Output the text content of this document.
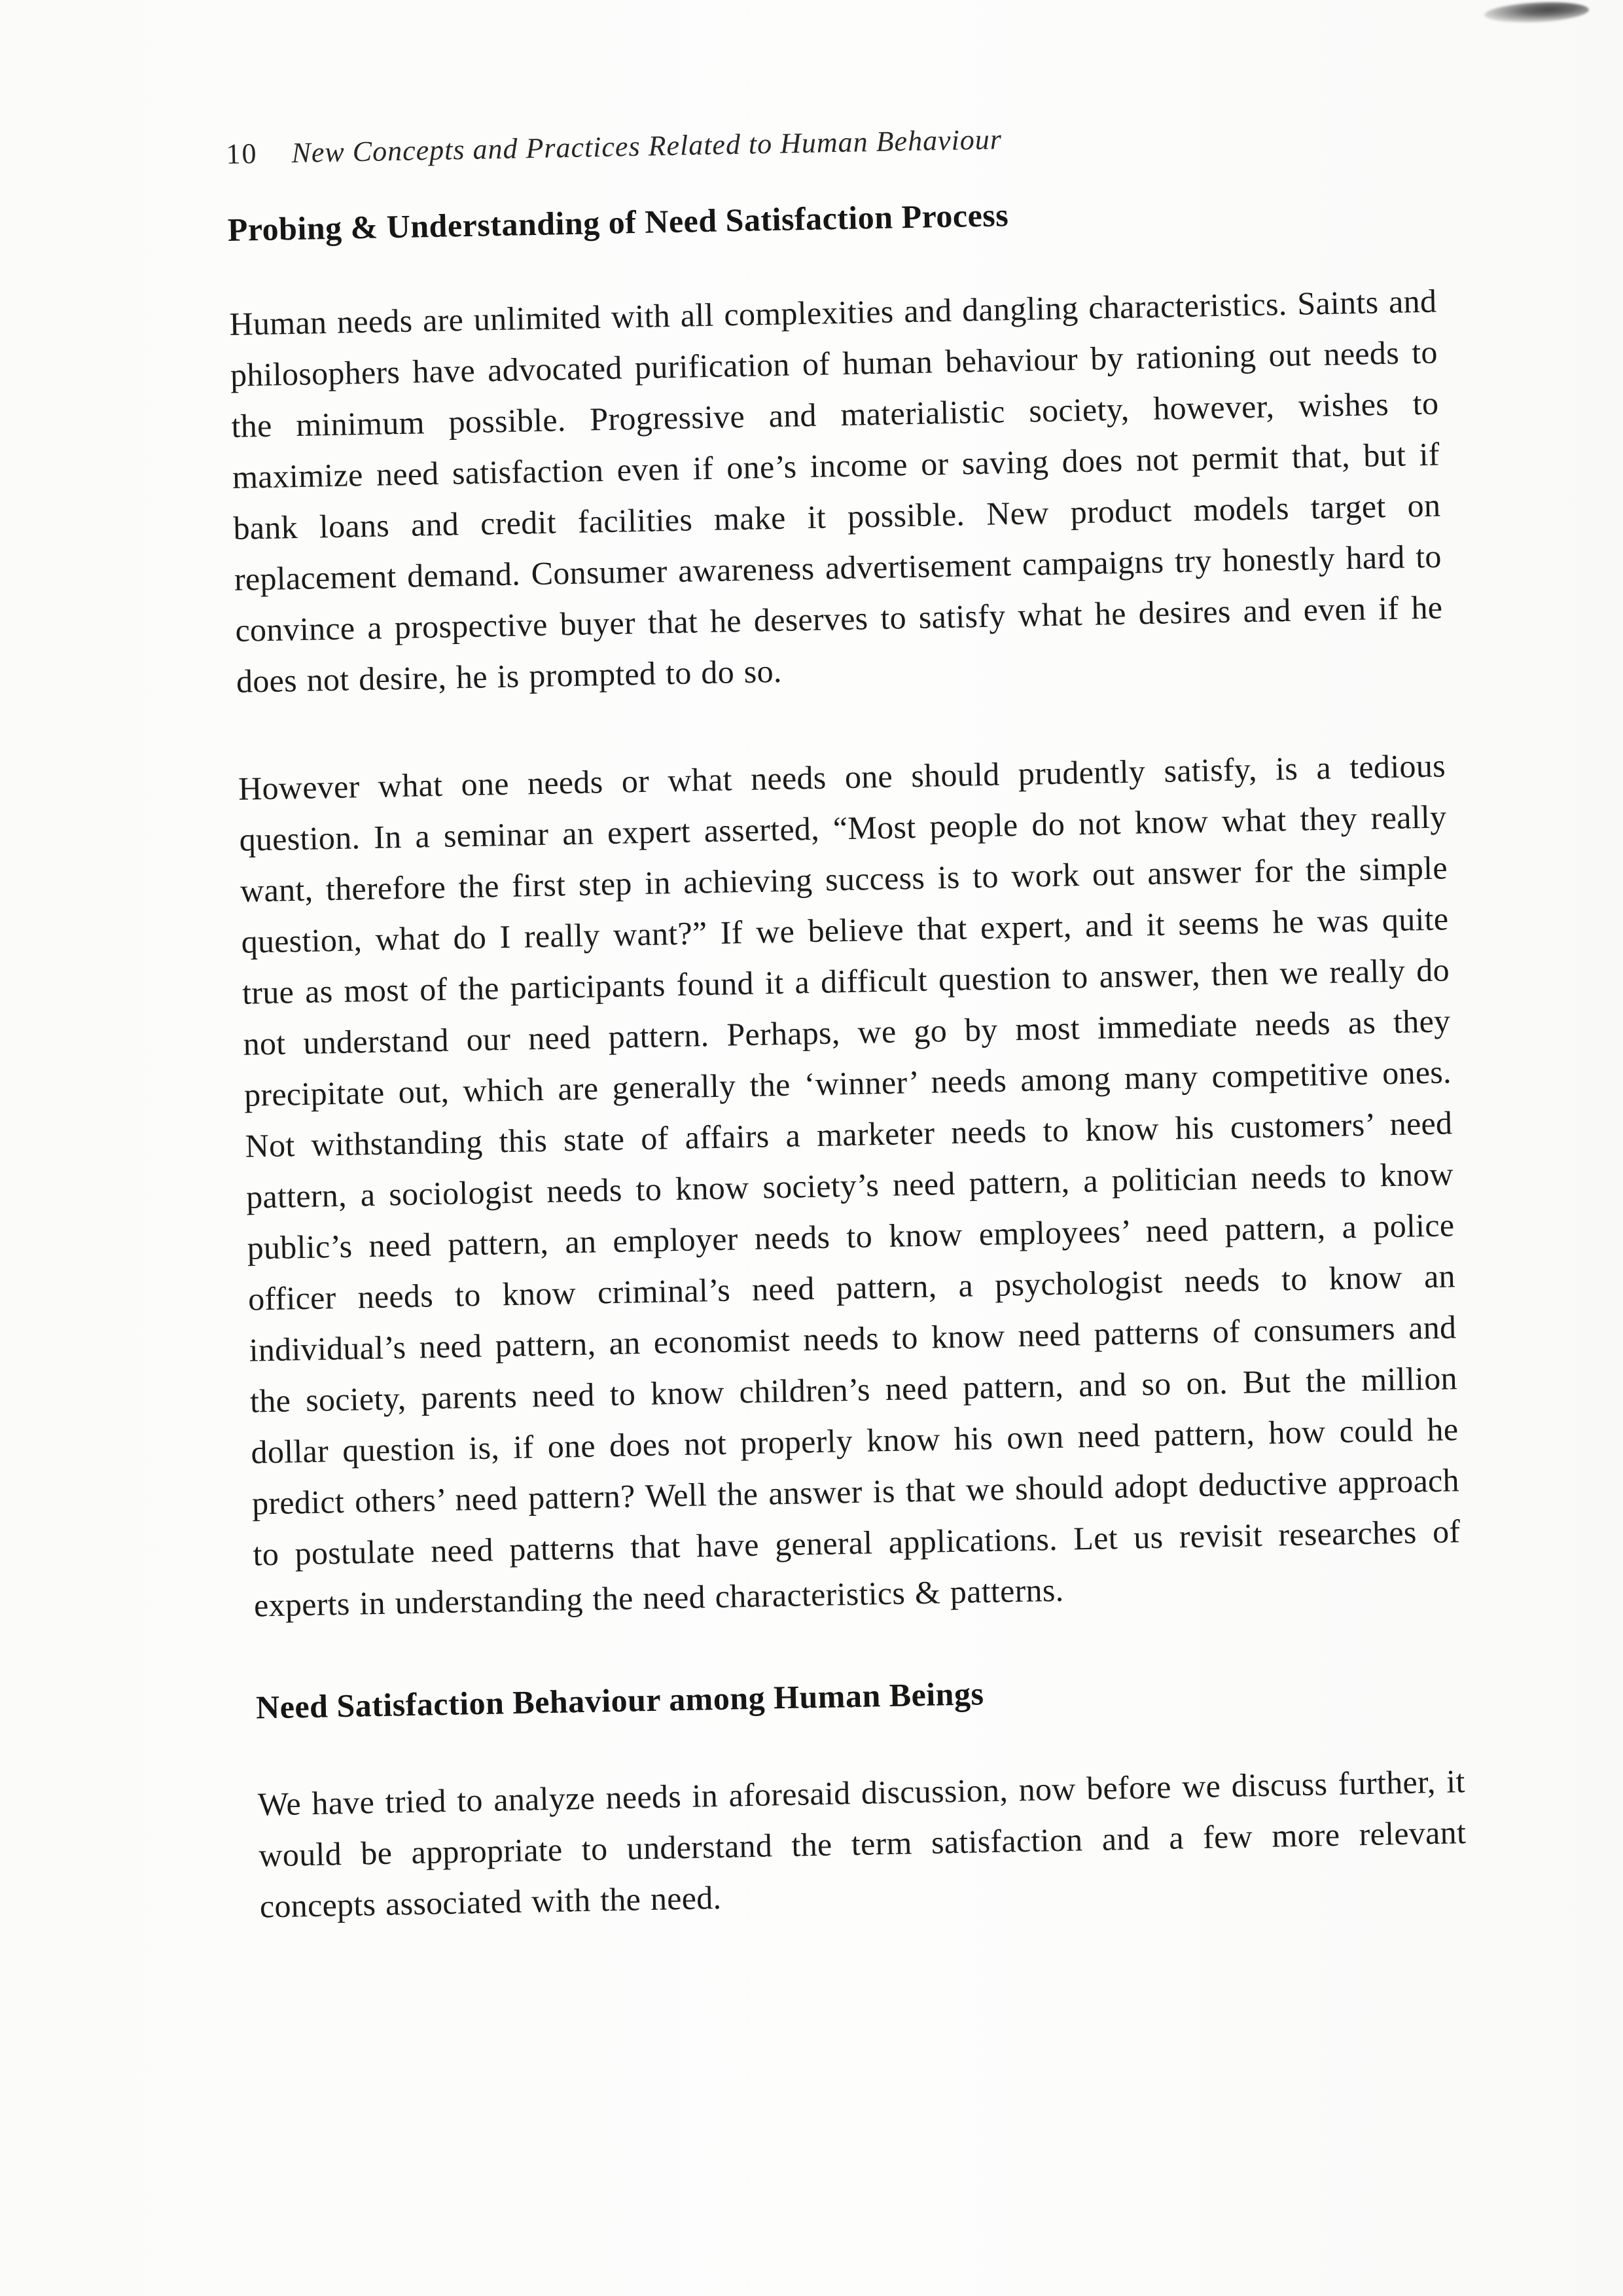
10 New Concepts and Practices Related to Human Behaviour
Probing & Understanding of Need Satisfaction Process

Human needs are unlimited with all complexities and dangling characteristics. Saints and philosophers have advocated purification of human behaviour by rationing out needs to the minimum possible. Progressive and materialistic society, however, wishes to maximize need satisfaction even if one’s income or saving does not permit that, but if bank loans and credit facilities make it possible. New product models target on replacement demand. Consumer awareness advertisement campaigns try honestly hard to convince a prospective buyer that he deserves to satisfy what he desires and even if he does not desire, he is prompted to do so.

However what one needs or what needs one should prudently satisfy, is a tedious question. In a seminar an expert asserted, “Most people do not know what they really want, therefore the first step in achieving success is to work out answer for the simple question, what do I really want?” If we believe that expert, and it seems he was quite true as most of the participants found it a difficult question to answer, then we really do not understand our need pattern. Perhaps, we go by most immediate needs as they precipitate out, which are generally the ‘winner’ needs among many competitive ones. Not withstanding this state of affairs a marketer needs to know his customers’ need pattern, a sociologist needs to know society’s need pattern, a politician needs to know public’s need pattern, an employer needs to know employees’ need pattern, a police officer needs to know criminal’s need pattern, a psychologist needs to know an individual’s need pattern, an economist needs to know need patterns of consumers and the society, parents need to know children’s need pattern, and so on. But the million dollar question is, if one does not properly know his own need pattern, how could he predict others’ need pattern? Well the answer is that we should adopt deductive approach to postulate need patterns that have general applications. Let us revisit researches of experts in understanding the need characteristics & patterns.

Need Satisfaction Behaviour among Human Beings

We have tried to analyze needs in aforesaid discussion, now before we discuss further, it would be appropriate to understand the term satisfaction and a few more relevant concepts associated with the need.
